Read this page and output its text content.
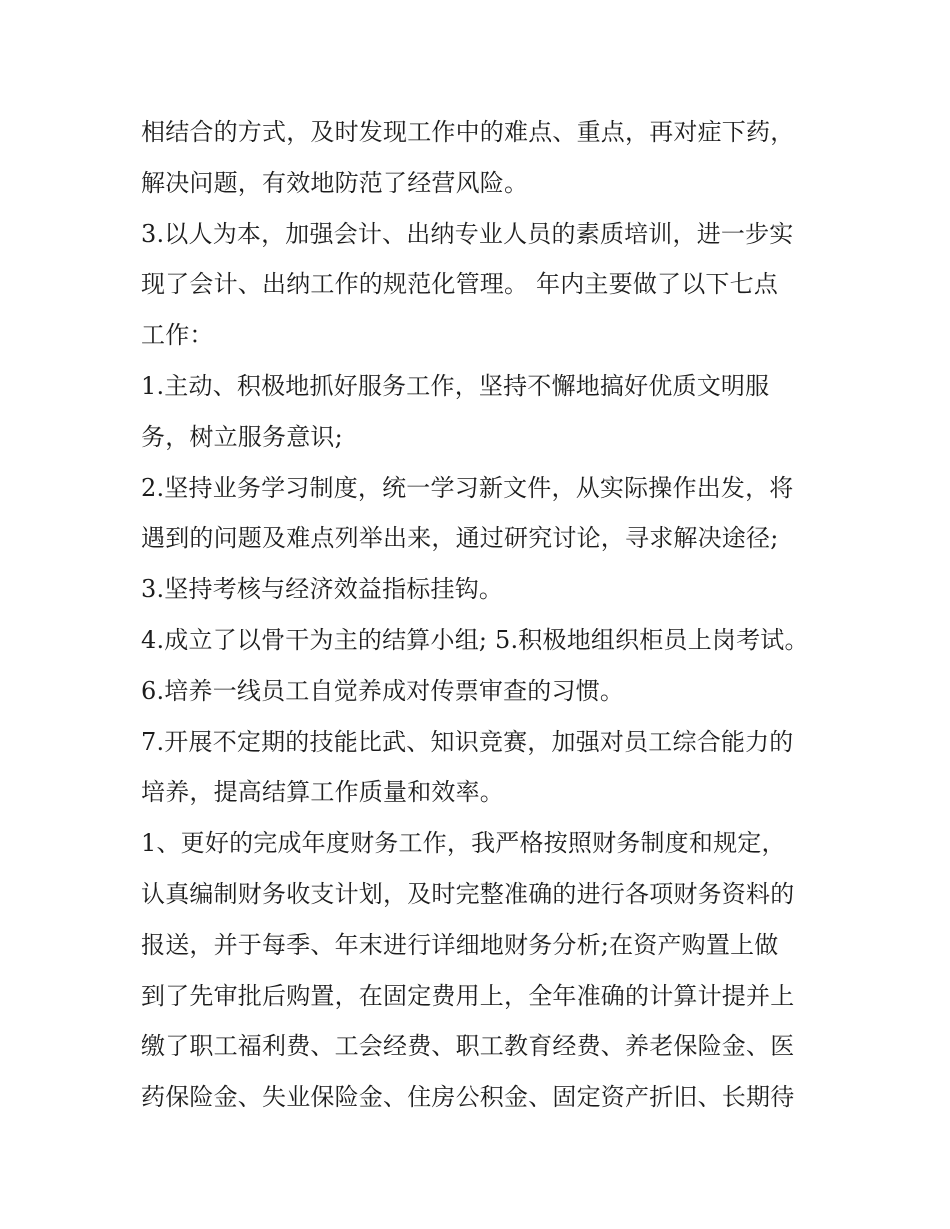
相结合的方式，及时发现工作中的难点、重点，再对症下药，
解决问题，有效地防范了经营风险。
3.以人为本，加强会计、出纳专业人员的素质培训，进一步实
现了会计、出纳工作的规范化管理。 年内主要做了以下七点
工作：
1.主动、积极地抓好服务工作，坚持不懈地搞好优质文明服
务，树立服务意识;
2.坚持业务学习制度，统一学习新文件，从实际操作出发，将
遇到的问题及难点列举出来，通过研究讨论，寻求解决途径;
3.坚持考核与经济效益指标挂钩。
4.成立了以骨干为主的结算小组; 5.积极地组织柜员上岗考试。
6.培养一线员工自觉养成对传票审查的习惯。
7.开展不定期的技能比武、知识竞赛，加强对员工综合能力的
培养，提高结算工作质量和效率。
1、更好的完成年度财务工作，我严格按照财务制度和规定，
认真编制财务收支计划，及时完整准确的进行各项财务资料的
报送，并于每季、年末进行详细地财务分析;在资产购置上做
到了先审批后购置，在固定费用上，全年准确的计算计提并上
缴了职工福利费、工会经费、职工教育经费、养老保险金、医
药保险金、失业保险金、住房公积金、固定资产折旧、长期待
